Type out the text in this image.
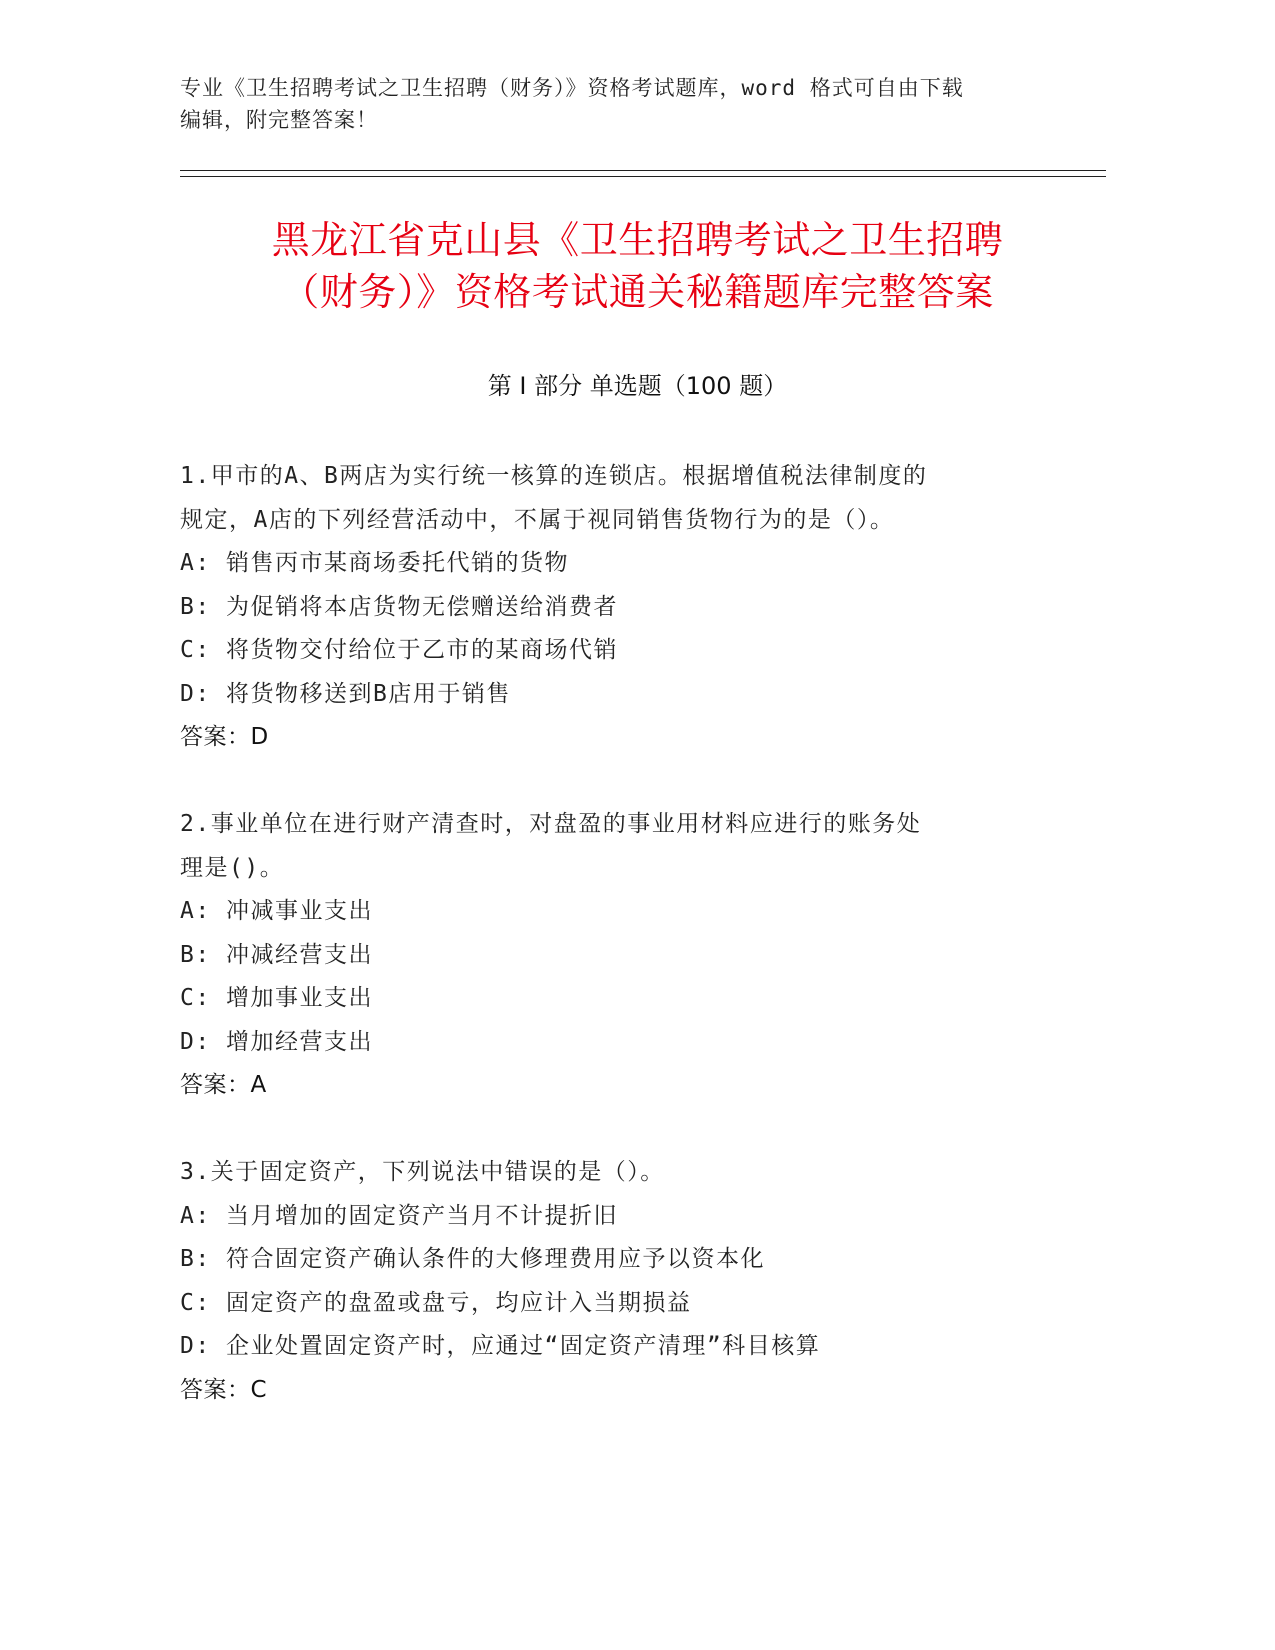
专业《卫生招聘考试之卫生招聘（财务）》资格考试题库，word 格式可自由下载
编辑，附完整答案！
黑龙江省克山县《卫生招聘考试之卫生招聘
（财务）》资格考试通关秘籍题库完整答案
第 I 部分 单选题（100 题）
1.甲市的A、B两店为实行统一核算的连锁店。根据增值税法律制度的
规定，A店的下列经营活动中，不属于视同销售货物行为的是（）。
A: 销售丙市某商场委托代销的货物
B: 为促销将本店货物无偿赠送给消费者
C: 将货物交付给位于乙市的某商场代销
D: 将货物移送到B店用于销售
答案：D
2.事业单位在进行财产清查时，对盘盈的事业用材料应进行的账务处
理是()。
A: 冲减事业支出
B: 冲减经营支出
C: 增加事业支出
D: 增加经营支出
答案：A
3.关于固定资产，下列说法中错误的是（）。
A: 当月增加的固定资产当月不计提折旧
B: 符合固定资产确认条件的大修理费用应予以资本化
C: 固定资产的盘盈或盘亏，均应计入当期损益
D: 企业处置固定资产时，应通过“固定资产清理”科目核算
答案：C
